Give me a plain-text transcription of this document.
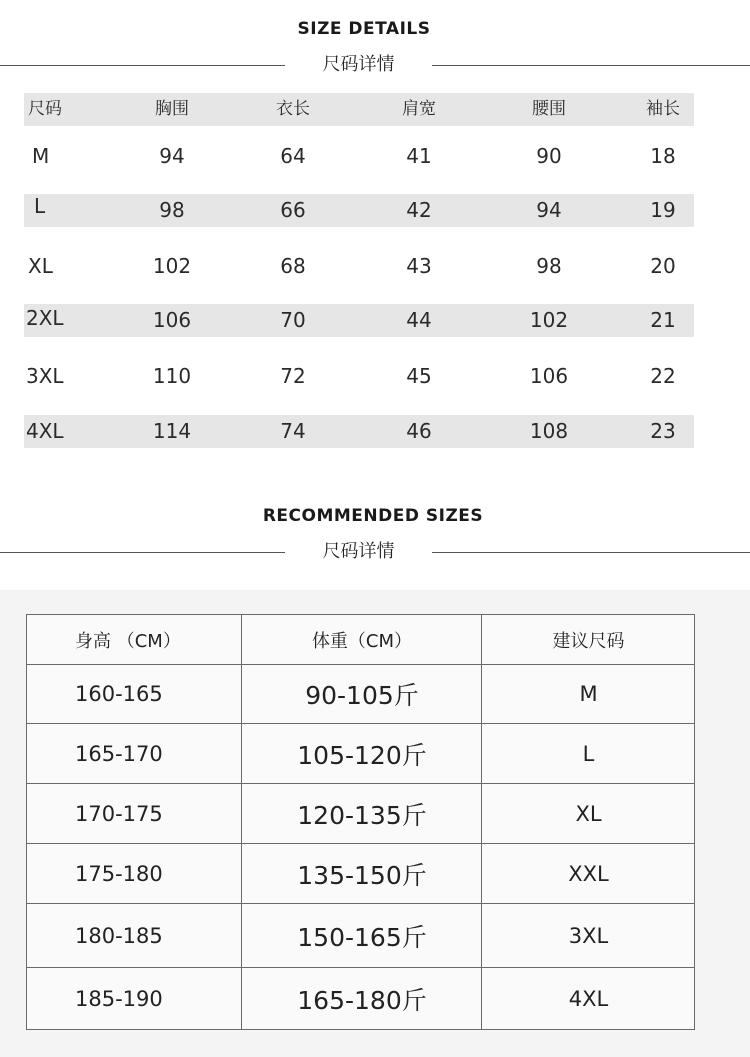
SIZE DETAILS
尺码详情
尺码	胸围	衣长	肩宽	腰围	袖长
M	94	64	41	90	18
L	98	66	42	94	19
XL	102	68	43	98	20
2XL	106	70	44	102	21
3XL	110	72	45	106	22
4XL	114	74	46	108	23
RECOMMENDED SIZES
尺码详情
身高 （CM）	体重（CM）	建议尺码
160-165	90-105斤	M
165-170	105-120斤	L
170-175	120-135斤	XL
175-180	135-150斤	XXL
180-185	150-165斤	3XL
185-190	165-180斤	4XL
